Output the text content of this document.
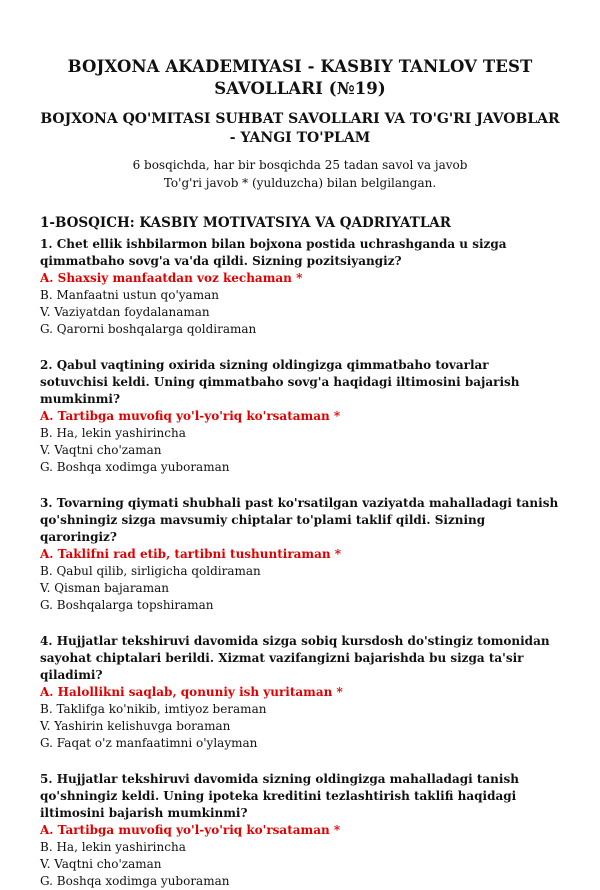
BOJXONA AKADEMIYASI - KASBIY TANLOV TEST SAVOLLARI (№19)
BOJXONA QO'MITASI SUHBAT SAVOLLARI VA TO'G'RI JAVOBLAR - YANGI TO'PLAM
6 bosqichda, har bir bosqichda 25 tadan savol va javob
To'g'ri javob * (yulduzcha) bilan belgilangan.
1-BOSQICH: KASBIY MOTIVATSIYA VA QADRIYATLAR
1. Chet ellik ishbilarmon bilan bojxona postida uchrashganda u sizga qimmatbaho sovg'a va'da qildi. Sizning pozitsiyangiz?
A. Shaxsiy manfaatdan voz kechaman *
B. Manfaatni ustun qo'yaman
V. Vaziyatdan foydalanaman
G. Qarorni boshqalarga qoldiraman
2. Qabul vaqtining oxirida sizning oldingizga qimmatbaho tovarlar sotuvchisi keldi. Uning qimmatbaho sovg'a haqidagi iltimosini bajarish mumkinmi?
A. Tartibga muvofiq yo'l-yo'riq ko'rsataman *
B. Ha, lekin yashirincha
V. Vaqtni cho'zaman
G. Boshqa xodimga yuboraman
3. Tovarning qiymati shubhali past ko'rsatilgan vaziyatda mahalladagi tanish qo'shningiz sizga mavsumiy chiptalar to'plami taklif qildi. Sizning qaroringiz?
A. Taklifni rad etib, tartibni tushuntiraman *
B. Qabul qilib, sirligicha qoldiraman
V. Qisman bajaraman
G. Boshqalarga topshiraman
4. Hujjatlar tekshiruvi davomida sizga sobiq kursdosh do'stingiz tomonidan sayohat chiptalari berildi. Xizmat vazifangizni bajarishda bu sizga ta'sir qiladimi?
A. Halollikni saqlab, qonuniy ish yuritaman *
B. Taklifga ko'nikib, imtiyoz beraman
V. Yashirin kelishuvga boraman
G. Faqat o'z manfaatimni o'ylayman
5. Hujjatlar tekshiruvi davomida sizning oldingizga mahalladagi tanish qo'shningiz keldi. Uning ipoteka kreditini tezlashtirish taklifi haqidagi iltimosini bajarish mumkinmi?
A. Tartibga muvofiq yo'l-yo'riq ko'rsataman *
B. Ha, lekin yashirincha
V. Vaqtni cho'zaman
G. Boshqa xodimga yuboraman
